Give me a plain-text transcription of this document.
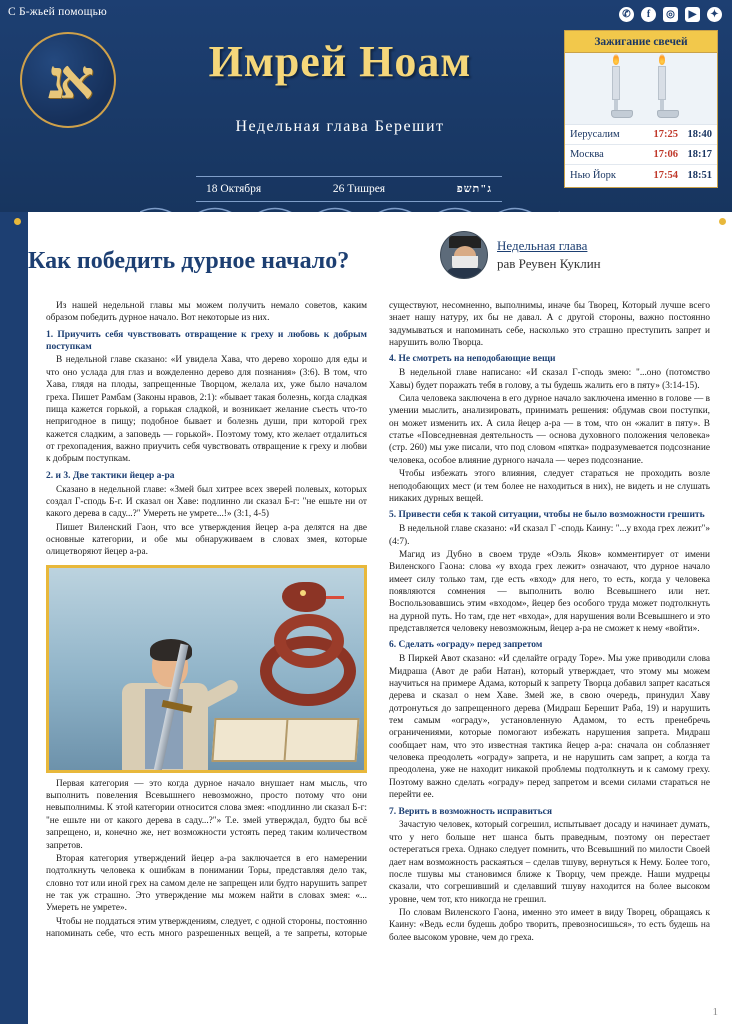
С Б-жьей помощью	✆	f	◎	▶	✦
אנ	Имрей Ноам
Недельная глава Берешит
18 Октября	26 Тишрея	ג"תשפ
Зажигание свечей
Иерусалим	17:25 18:40
Москва	17:06 18:17
Нью Йорк	17:54 18:51
Как победить дурное начало?
Недельная глава
рав Реувен Куклин

Из нашей недельной главы мы можем получить немало советов, каким образом победить дурное начало. Вот некоторые из них.

1. Приучить себя чувствовать отвращение к греху и любовь к добрым поступкам

В недельной главе сказано: «И увидела Хава, что дерево хорошо для еды и что оно услада для глаз и вожделенно дерево для познания» (3:6). В том, что Хава, глядя на плоды, запрещенные Творцом, желала их, уже было началом греха. Пишет Рамбам (Законы нравов, 2:1): «бывает такая болезнь, когда сладкая пища кажется горькой, а горькая сладкой, и возникает желание съесть что-то непригодное в пищу; подобное бывает и болезнь души, при которой грех кажется сладким, а заповедь — горькой». Поэтому тому, кто желает отдалиться от грехопадения, важно приучить себя чувствовать отвращение к греху и любви к добрым поступкам.

2. и 3. Две тактики йецер а-ра

Сказано в недельной главе: «Змей был хитрее всех зверей полевых, которых создал Г-сподь Б-г. И сказал он Хаве: подлинно ли сказал Б-г: "не ешьте ни от какого дерева в саду...?" Умереть не умрете...!» (3:1, 4-5)

Пишет Виленский Гаон, что все утверждения йецер а-ра делятся на две основные категории, и обе мы обнаруживаем в словах змея, которые олицетворяют йецер а-ра.

Первая категория — это когда дурное начало внушает нам мысль, что выполнить повеления Всевышнего невозможно, просто потому что они невыполнимы. К этой категории относится слова змея: «подлинно ли сказал Б-г: "не ешьте ни от какого дерева в саду...?"» Т.е. змей утверждал, будто бы всё запрещено, и, конечно же, нет возможности устоять перед таким количеством запретов.

Вторая категория утверждений йецер а-ра заключается в его намерении подтолкнуть человека к ошибкам в понимании Торы, представляя дело так, словно тот или иной грех на самом деле не запрещен или будто нарушить запрет не так уж страшно. Это утверждение мы можем найти в словах змея: «... Умереть не умрете».

Чтобы не поддаться этим утверждениям, следует, с одной стороны, постоянно напоминать себе, что есть много разрешенных вещей, а те запреты, которые существуют, несомненно, выполнимы, иначе бы Творец, Который лучше всего знает нашу натуру, их бы не давал. А с другой стороны, важно постоянно задумываться и напоминать себе, насколько это страшно преступить запрет и нарушить волю Творца.

4. Не смотреть на неподобающие вещи

В недельной главе написано: «И сказал Г-сподь змею: "...оно (потомство Хавы) будет поражать тебя в голову, а ты будешь жалить его в пяту» (3:14-15).

Сила человека заключена в его дурное начало заключена именно в голове — в умении мыслить, анализировать, принимать решения: обдумав свои поступки, он может изменить их. А сила йецер а-ра — в том, что он «жалит в пяту». В статье «Повседневная деятельность — основа духовного положения человека» (стр. 260) мы уже писали, что под словом «пятка» подразумевается подсознание человека, особое влияние дурного начала — через подсознание.

Чтобы избежать этого влияния, следует стараться не проходить возле неподобающих мест (и тем более не находиться в них), не видеть и не слушать никаких дурных вещей.

5. Привести себя к такой ситуации, чтобы не было возможности грешить

В недельной главе сказано: «И сказал Г -сподь Каину: "...у входа грех лежит"» (4:7).

Магид из Дубно в своем труде «Оэль Яков» комментирует от имени Виленского Гаона: слова «у входа грех лежит» означают, что дурное начало имеет силу только там, где есть «вход» для него, то есть, когда у человека появляются сомнения — выполнить волю Всевышнего или нет. Воспользовавшись этим «входом», йецер без особого труда может подтолкнуть на дурной путь. Но там, где нет «входа», для нарушения воли Всевышнего и это представляется человеку невозможным, йецер а-ра не сможет к нему «войти».

6. Сделать «ограду» перед запретом

В Пиркей Авот сказано: «И сделайте ограду Торе». Мы уже приводили слова Мидраша (Авот де раби Натан), который утверждает, что этому мы можем научиться на примере Адама, который к запрету Творца добавил запрет касаться дерева и сказал о нем Хаве. Змей же, в свою очередь, принудил Хаву дотронуться до запрещенного дерева (Мидраш Берешит Раба, 19) и нарушить тем самым «ограду», установленную Адамом, то есть пренебречь ограничениями, которые помогают избежать нарушения запрета. Мидраш сообщает нам, что это известная тактика йецер а-ра: сначала он соблазняет человека преодолеть «ограду» запрета, и не нарушить сам запрет, а когда та преодолена, уже не находит никакой проблемы подтолкнуть и к самому греху. Поэтому важно сделать «ограду» перед запретом и всеми силами стараться не перейти ее.

7. Верить в возможность исправиться

Зачастую человек, который согрешил, испытывает досаду и начинает думать, что у него больше нет шанса быть праведным, поэтому он перестает остерегаться греха. Однако следует помнить, что Всевышний по милости Своей дает нам возможность раскаяться – сделав тшуву, вернуться к Нему. Более того, после тшувы мы становимся ближе к Творцу, чем прежде. Наши мудрецы сказали, что согрешивший и сделавший тшуву находится на более высоком уровне, чем тот, кто никогда не грешил.

По словам Виленского Гаона, именно это имеет в виду Творец, обращаясь к Каину: «Ведь если будешь добро творить, превозносишься», то есть будешь на более высоком уровне, чем до греха.

1
